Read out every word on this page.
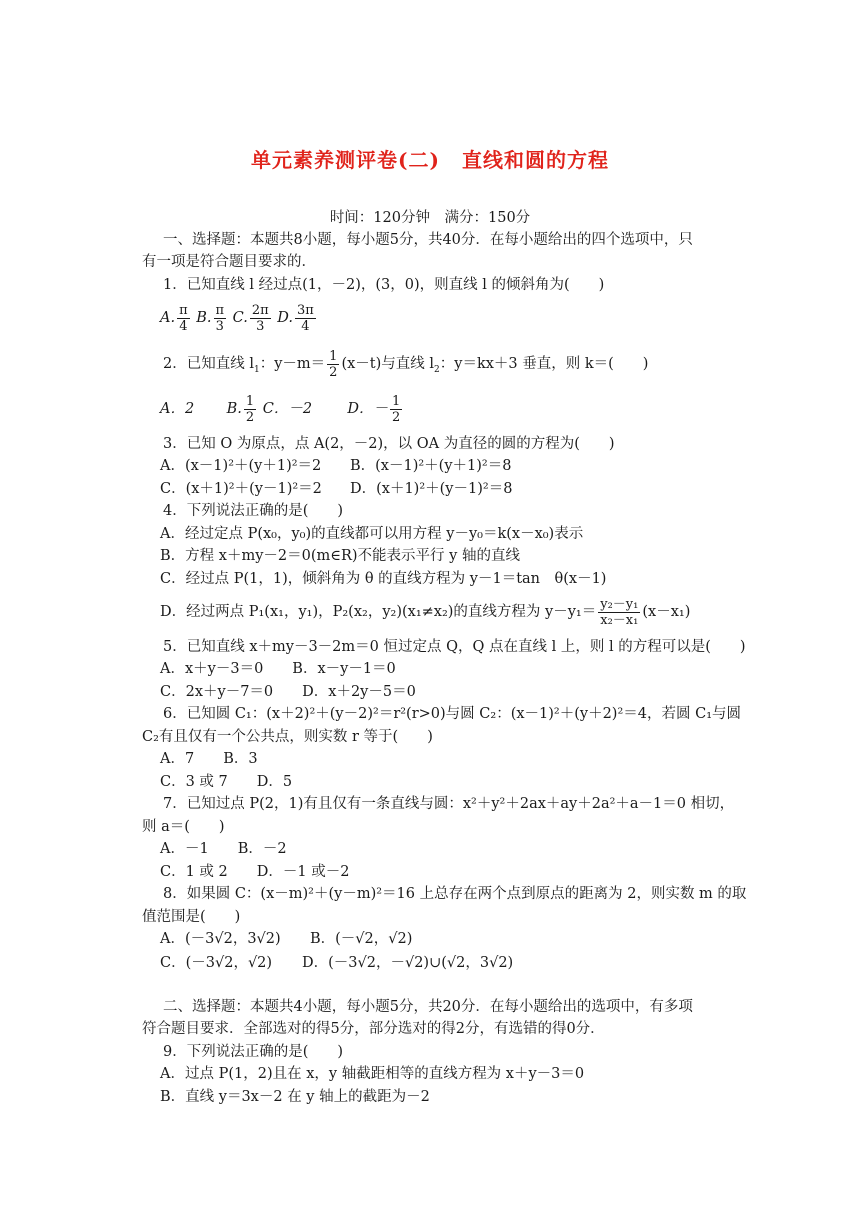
单元素养测评卷(二) 直线和圆的方程
时间：120分钟　满分：150分
一、选择题：本题共8小题，每小题5分，共40分．在每小题给出的四个选项中，只
有一项是符合题目要求的．
1．已知直线 l 经过点(1，－2)，(3，0)，则直线 l 的倾斜角为(　　)
A. $\frac{\pi}{4} B$. $\frac{\pi}{3} C$. $\frac{2\pi}{3} D$. $\frac{3\pi}{4}$
2．已知直线 $l_1$：$y-m= \frac{1}{2} (x-t)$与直线 $l_2$：y＝kx＋3 垂直，则 k＝(　　)
A．2 B. $\frac{1}{2}$ C．－2 D．－ $\frac{1}{2}$
3．已知 O 为原点，点 A(2，－2)，以 OA 为直径的圆的方程为(　　)
A．(x－1)²＋(y＋1)²＝2 B．(x－1)²＋(y＋1)²＝8
C．(x＋1)²＋(y－1)²＝2 D．(x＋1)²＋(y－1)²＝8
4．下列说法正确的是(　　)
A．经过定点 P(x₀，y₀)的直线都可以用方程 y－y₀＝k(x－x₀)表示
B．方程 x＋my－2＝0(m∈R)不能表示平行 y 轴的直线
C．经过点 P(1，1)，倾斜角为 θ 的直线方程为 y－1＝tan　θ(x－1)
D．经过两点 P₁(x₁，y₁)，P₂(x₂，y₂)(x₁≠x₂)的直线方程为 $y-y_1= \frac{\text{y₂－y₁}}{\text{x₂－x₁}} (x-x_1)$
5．已知直线 x＋my－3－2m＝0 恒过定点 Q，Q 点在直线 l 上，则 l 的方程可以是(　　)
A．x＋y－3＝0　　B．x－y－1＝0
C．2x＋y－7＝0　　D．x＋2y－5＝0
6．已知圆 C₁：(x＋2)²＋(y－2)²＝r²(r>0)与圆 C₂：(x－1)²＋(y＋2)²＝4，若圆 C₁与圆
C₂有且仅有一个公共点，则实数 r 等于(　　)
A．7　　B．3
C．3 或 7　　D．5
7．已知过点 P(2，1)有且仅有一条直线与圆：x²＋y²＋2ax＋ay＋2a²＋a－1＝0 相切，
则 a＝(　　)
A．－1　　B．－2
C．1 或 2　　D．－1 或－2
8．如果圆 C：(x－m)²＋(y－m)²＝16 上总存在两个点到原点的距离为 2，则实数 m 的取
值范围是(　　)
A．(－3√2，3√2) B．(－√2，√2)
C．(－3√2，√2) D．(－3√2，－√2)∪(√2，3√2)
二、选择题：本题共4小题，每小题5分，共20分．在每小题给出的选项中，有多项
符合题目要求．全部选对的得5分，部分选对的得2分，有选错的得0分．
9．下列说法正确的是(　　)
A．过点 P(1，2)且在 x，y 轴截距相等的直线方程为 x＋y－3＝0
B．直线 y＝3x－2 在 y 轴上的截距为－2
